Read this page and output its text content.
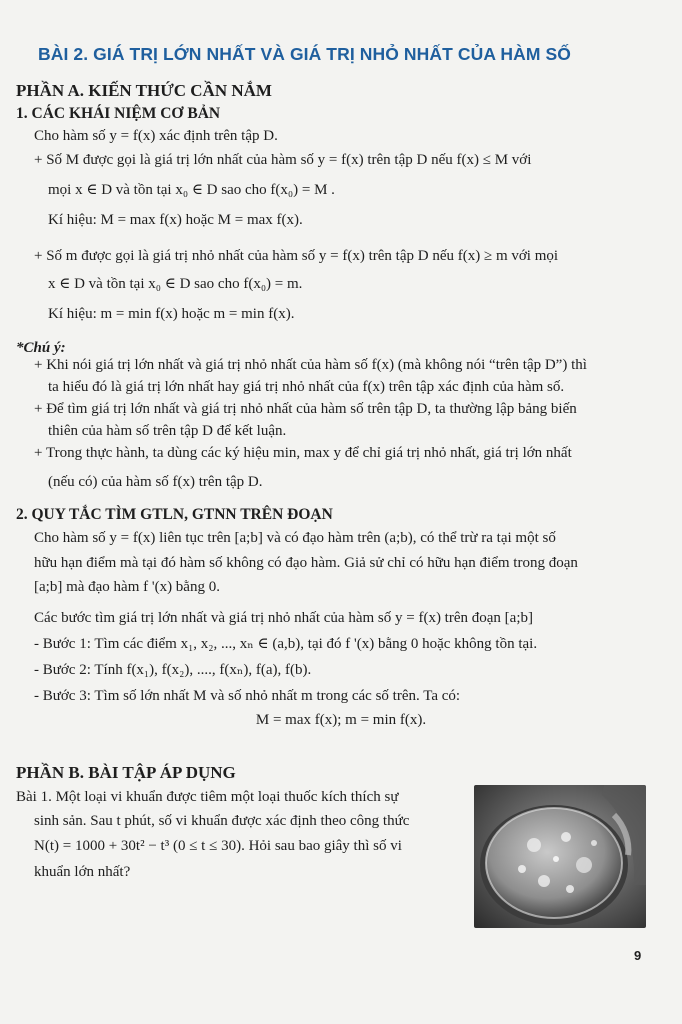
BÀI 2. GIÁ TRỊ LỚN NHẤT VÀ GIÁ TRỊ NHỎ NHẤT CỦA HÀM SỐ
PHẦN A. KIẾN THỨC CẦN NẮM
1. CÁC KHÁI NIỆM CƠ BẢN
Cho hàm số y = f(x) xác định trên tập D.
+ Số M được gọi là giá trị lớn nhất của hàm số y = f(x) trên tập D nếu f(x) ≤ M với
mọi x ∈ D và tồn tại x₀ ∈ D sao cho f(x₀) = M .
Kí hiệu: M = max f(x) hoặc M = max f(x).
+ Số m được gọi là giá trị nhỏ nhất của hàm số y = f(x) trên tập D nếu f(x) ≥ m với mọi
x ∈ D và tồn tại x₀ ∈ D sao cho f(x₀) = m.
Kí hiệu: m = min f(x) hoặc m = min f(x).
*Chú ý:
+ Khi nói giá trị lớn nhất và giá trị nhỏ nhất của hàm số f(x) (mà không nói “trên tập D”) thì
ta hiểu đó là giá trị lớn nhất hay giá trị nhỏ nhất của f(x) trên tập xác định của hàm số.
+ Để tìm giá trị lớn nhất và giá trị nhỏ nhất của hàm số trên tập D, ta thường lập bảng biến
thiên của hàm số trên tập D để kết luận.
+ Trong thực hành, ta dùng các ký hiệu min, max y để chỉ giá trị nhỏ nhất, giá trị lớn nhất
(nếu có) của hàm số f(x) trên tập D.
2. QUY TẮC TÌM GTLN, GTNN TRÊN ĐOẠN
Cho hàm số y = f(x) liên tục trên [a;b] và có đạo hàm trên (a;b), có thể trừ ra tại một số
hữu hạn điểm mà tại đó hàm số không có đạo hàm. Giả sử chỉ có hữu hạn điểm trong đoạn
[a;b] mà đạo hàm f '(x) bằng 0.
Các bước tìm giá trị lớn nhất và giá trị nhỏ nhất của hàm số y = f(x) trên đoạn [a;b]
- Bước 1: Tìm các điểm x₁, x₂, ..., xₙ ∈ (a,b), tại đó f '(x) bằng 0 hoặc không tồn tại.
- Bước 2: Tính f(x₁), f(x₂), ...., f(xₙ), f(a), f(b).
- Bước 3: Tìm số lớn nhất M và số nhỏ nhất m trong các số trên. Ta có:
M = max f(x); m = min f(x).
PHẦN B. BÀI TẬP ÁP DỤNG
Bài 1. Một loại vi khuẩn được tiêm một loại thuốc kích thích sự
sinh sản. Sau t phút, số vi khuẩn được xác định theo công thức
N(t) = 1000 + 30t² − t³ (0 ≤ t ≤ 30). Hỏi sau bao giây thì số vi
khuẩn lớn nhất?
9
